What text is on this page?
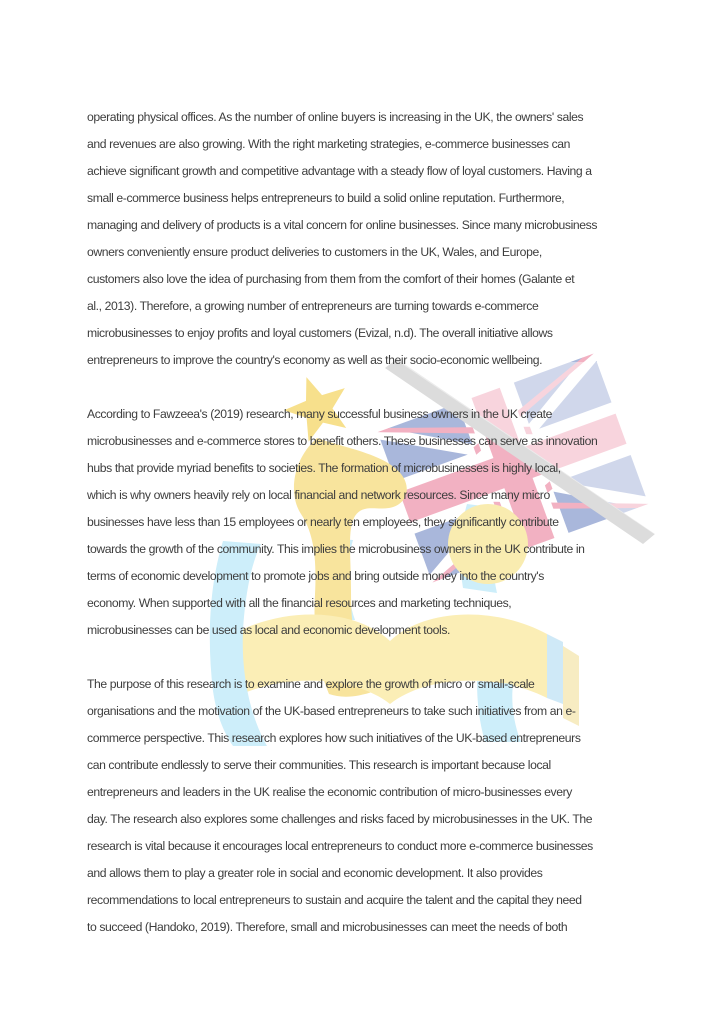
operating physical offices. As the number of online buyers is increasing in the UK, the owners' sales
and revenues are also growing. With the right marketing strategies, e-commerce businesses can
achieve significant growth and competitive advantage with a steady flow of loyal customers. Having a
small e-commerce business helps entrepreneurs to build a solid online reputation. Furthermore,
managing and delivery of products is a vital concern for online businesses. Since many microbusiness
owners conveniently ensure product deliveries to customers in the UK, Wales, and Europe,
customers also love the idea of purchasing from them from the comfort of their homes (Galante et
al., 2013). Therefore, a growing number of entrepreneurs are turning towards e-commerce
microbusinesses to enjoy profits and loyal customers (Evizal, n.d). The overall initiative allows
entrepreneurs to improve the country's economy as well as their socio-economic wellbeing.
According to Fawzeea's (2019) research, many successful business owners in the UK create
microbusinesses and e-commerce stores to benefit others. These businesses can serve as innovation
hubs that provide myriad benefits to societies. The formation of microbusinesses is highly local,
which is why owners heavily rely on local financial and network resources. Since many micro
businesses have less than 15 employees or nearly ten employees, they significantly contribute
towards the growth of the community. This implies the microbusiness owners in the UK contribute in
terms of economic development to promote jobs and bring outside money into the country's
economy. When supported with all the financial resources and marketing techniques,
microbusinesses can be used as local and economic development tools.
The purpose of this research is to examine and explore the growth of micro or small-scale
organisations and the motivation of the UK-based entrepreneurs to take such initiatives from an e-
commerce perspective. This research explores how such initiatives of the UK-based entrepreneurs
can contribute endlessly to serve their communities. This research is important because local
entrepreneurs and leaders in the UK realise the economic contribution of micro-businesses every
day. The research also explores some challenges and risks faced by microbusinesses in the UK. The
research is vital because it encourages local entrepreneurs to conduct more e-commerce businesses
and allows them to play a greater role in social and economic development. It also provides
recommendations to local entrepreneurs to sustain and acquire the talent and the capital they need
to succeed (Handoko, 2019). Therefore, small and microbusinesses can meet the needs of both
